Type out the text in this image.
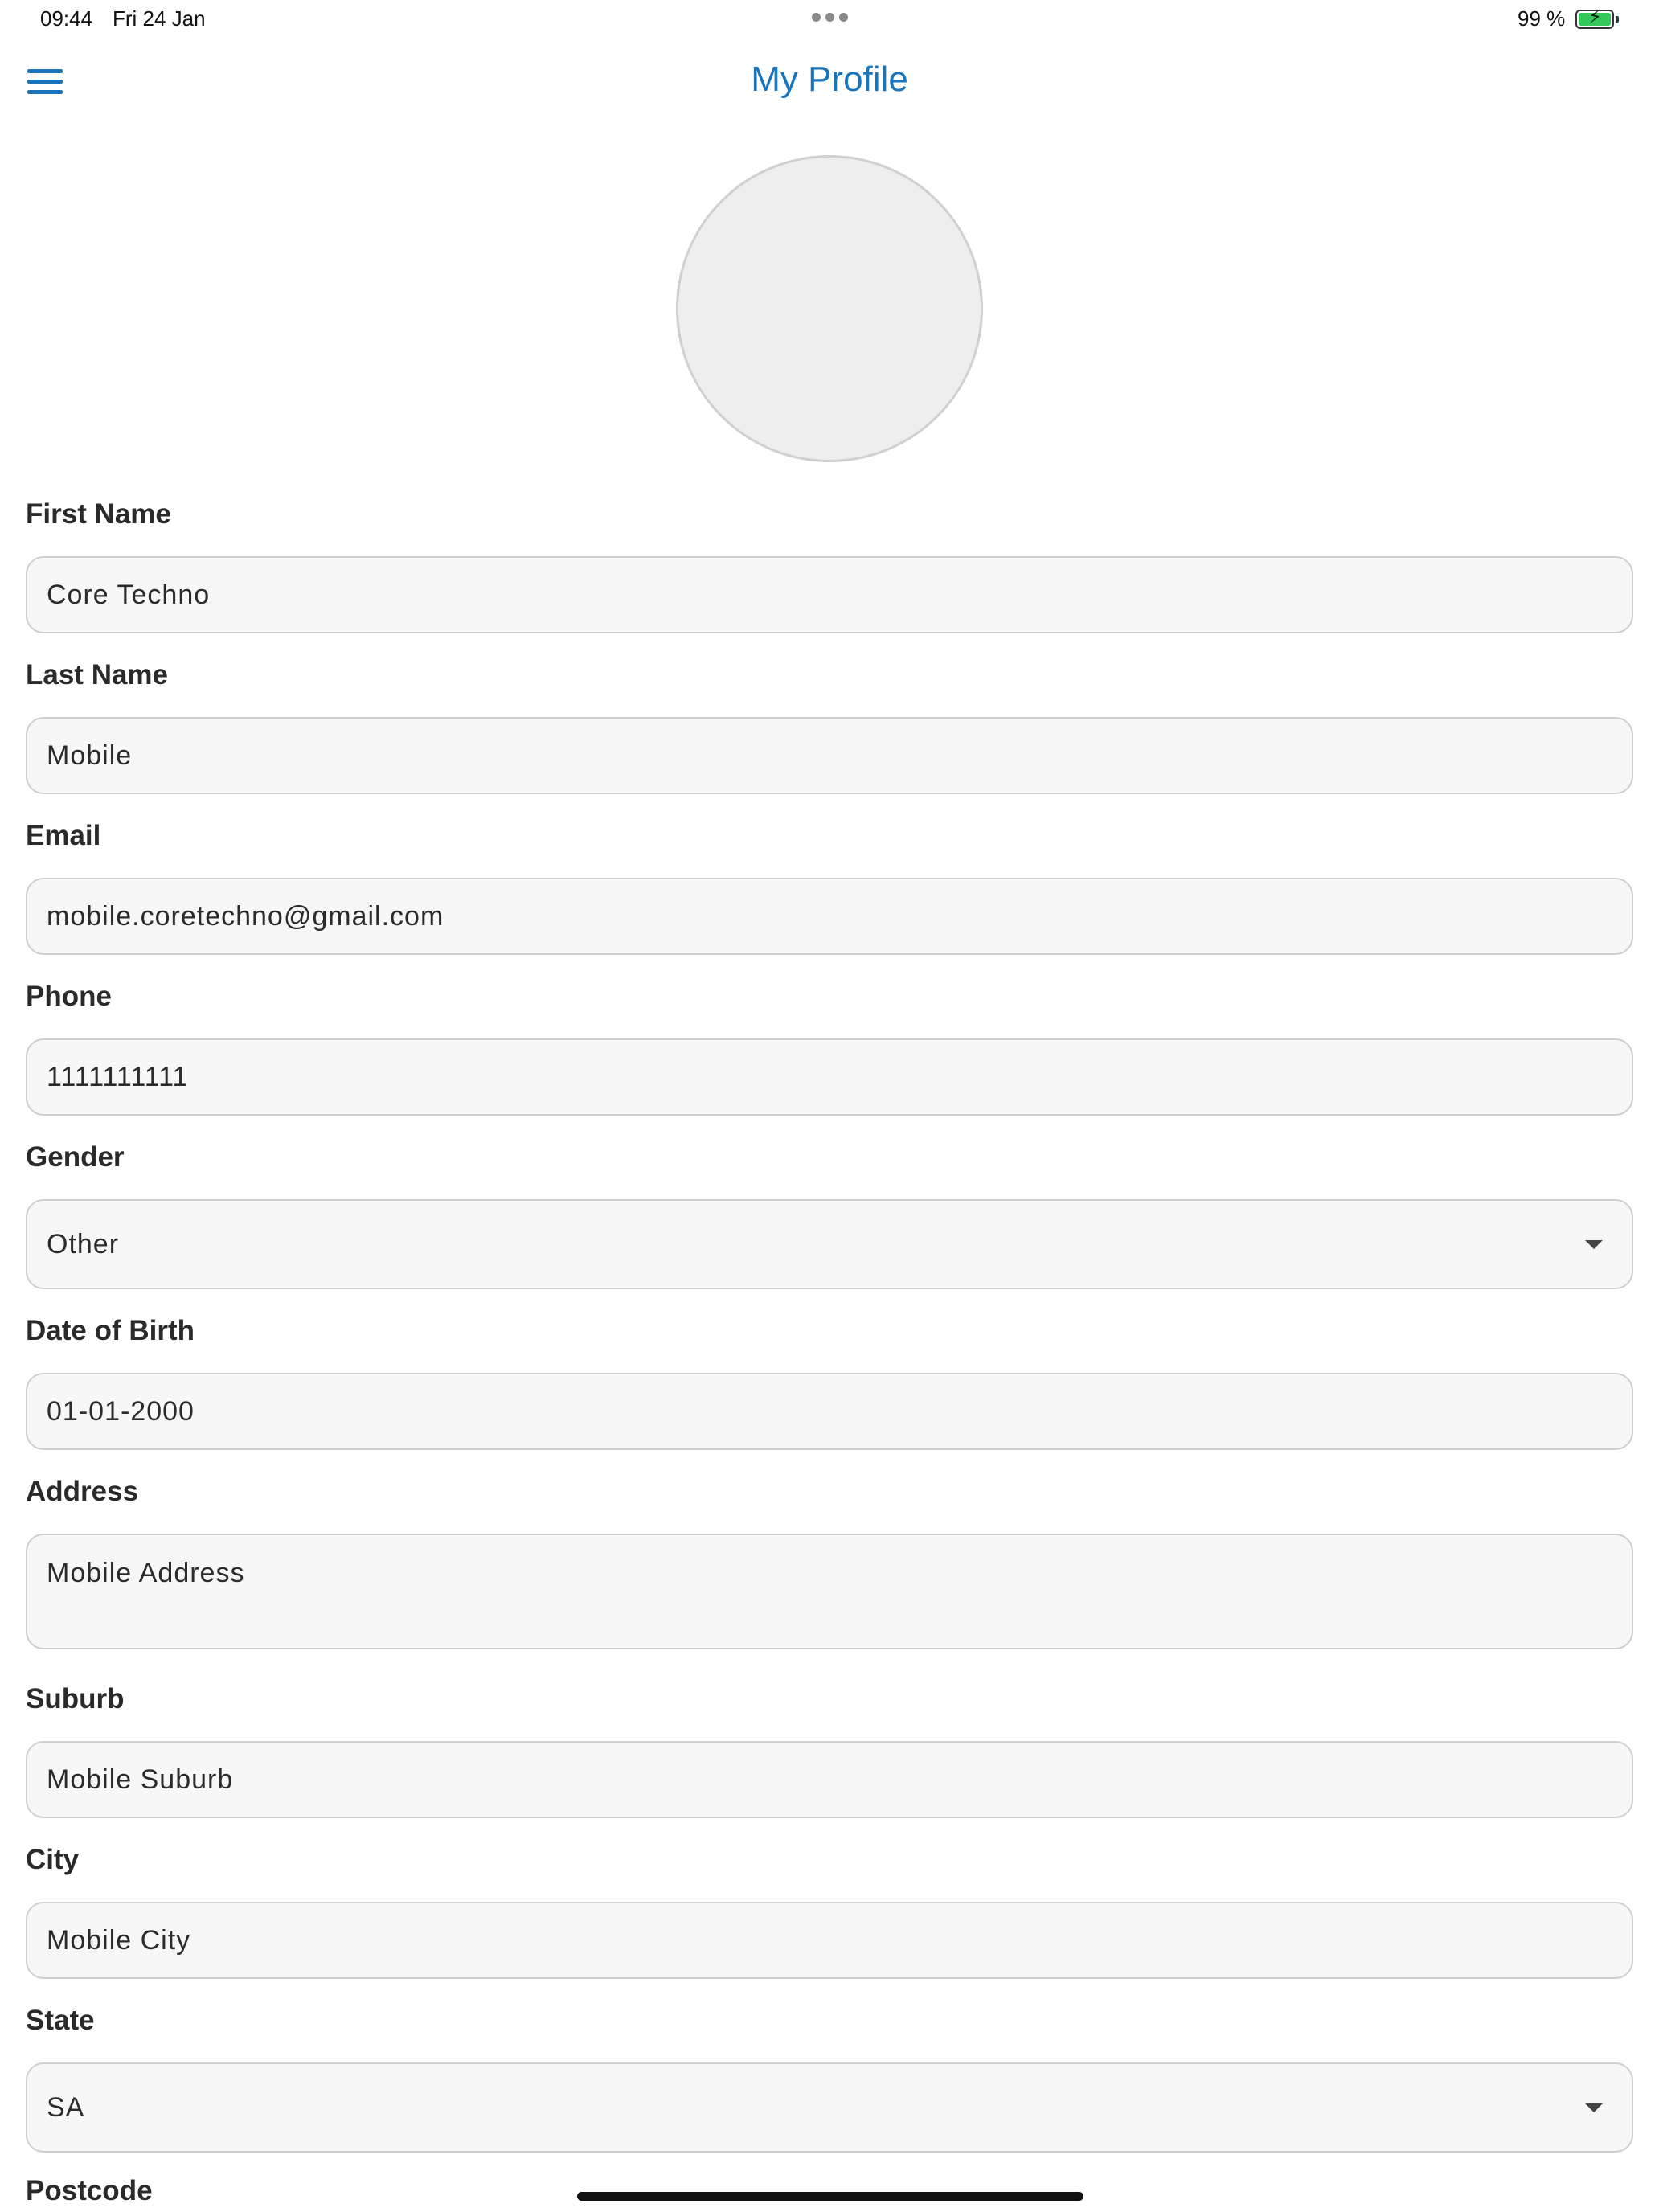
09:44 Fri 24 Jan	99 % ⚡
My Profile
First Name
Core Techno
Last Name
Mobile
Email
mobile.coretechno@gmail.com
Phone
1111111111
Gender
Other
Date of Birth
01-01-2000
Address
Mobile Address
Suburb
Mobile Suburb
City
Mobile City
State
SA
Postcode
